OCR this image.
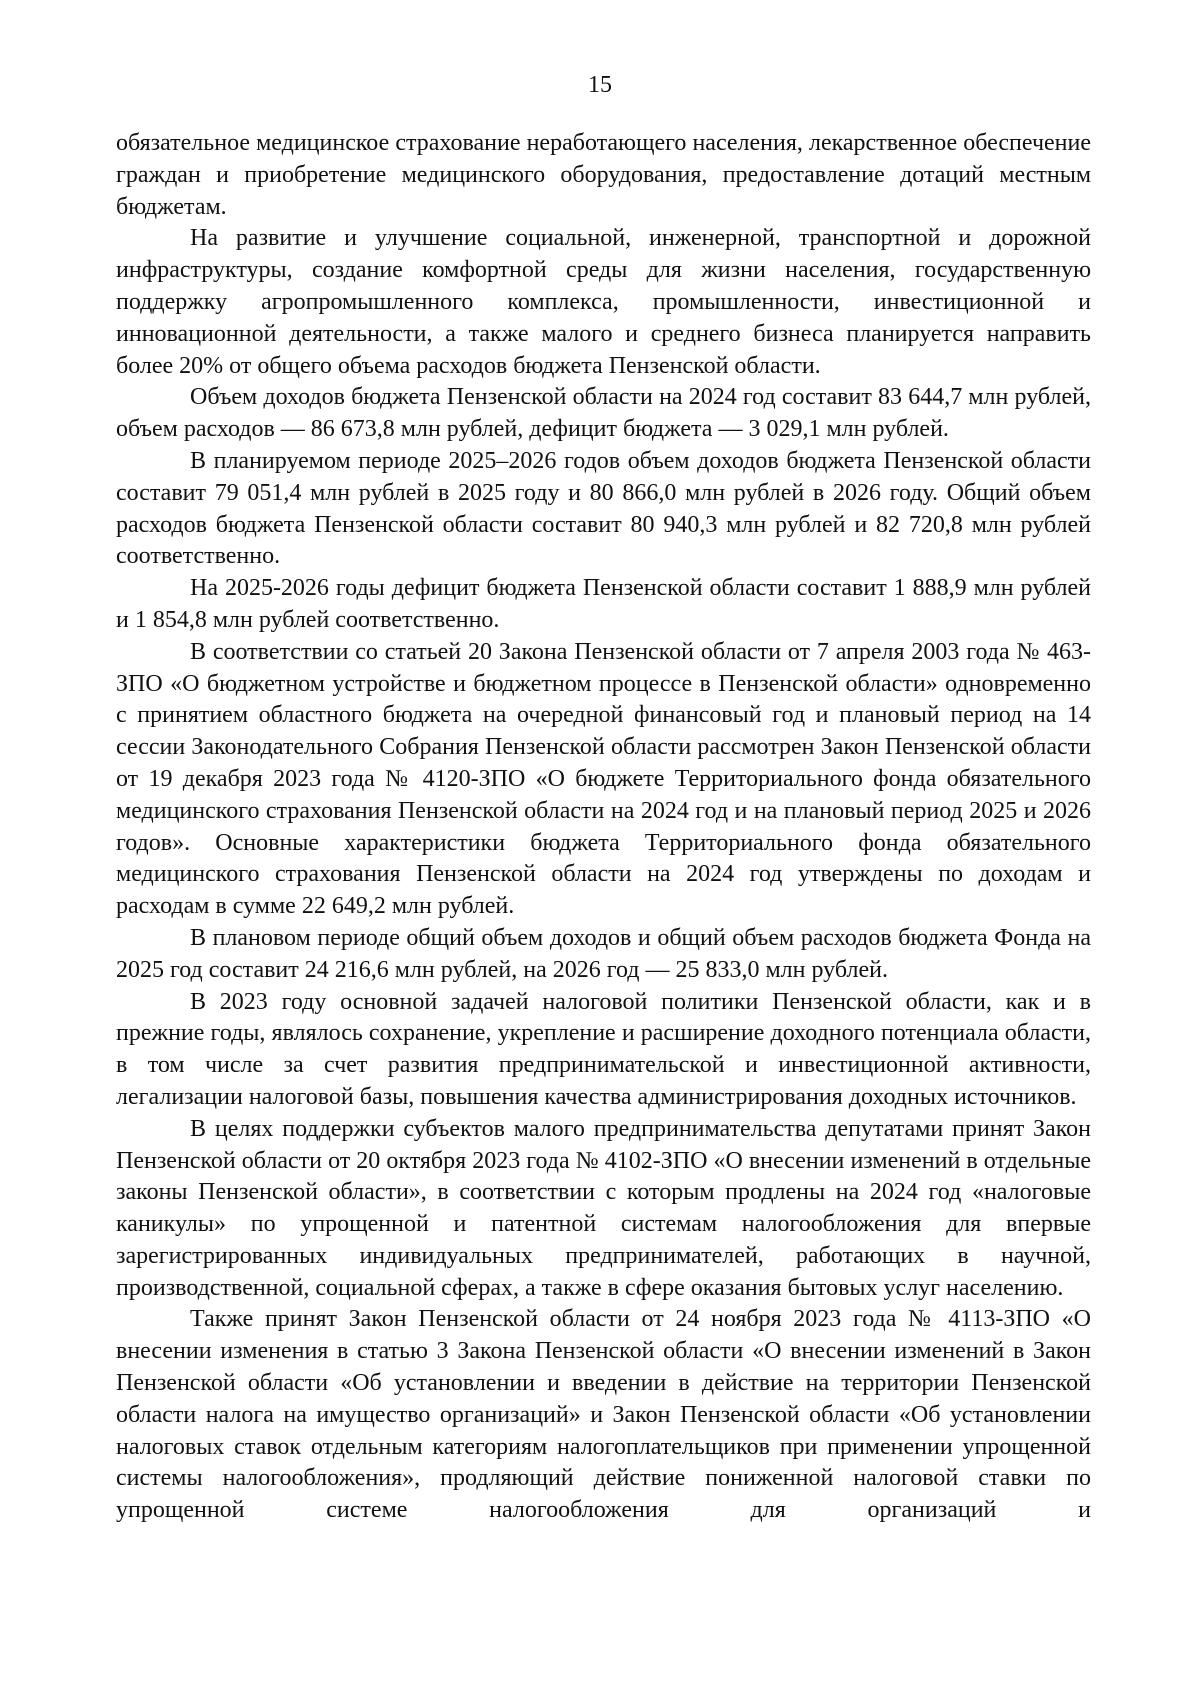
15

обязательное медицинское страхование неработающего населения, лекарственное обеспечение граждан и приобретение медицинского оборудования, предоставление дотаций местным бюджетам.

На развитие и улучшение социальной, инженерной, транспортной и дорожной инфраструктуры, создание комфортной среды для жизни населения, государственную поддержку агропромышленного комплекса, промышленности, инвестиционной и инновационной деятельности, а также малого и среднего бизнеса планируется направить более 20% от общего объема расходов бюджета Пензенской области.

Объем доходов бюджета Пензенской области на 2024 год составит 83 644,7 млн рублей, объем расходов — 86 673,8 млн рублей, дефицит бюджета — 3 029,1 млн рублей.

В планируемом периоде 2025–2026 годов объем доходов бюджета Пензенской области составит 79 051,4 млн рублей в 2025 году и 80 866,0 млн рублей в 2026 году. Общий объем расходов бюджета Пензенской области составит 80 940,3 млн рублей и 82 720,8 млн рублей соответственно.

На 2025-2026 годы дефицит бюджета Пензенской области составит 1 888,9 млн рублей и 1 854,8 млн рублей соответственно.

В соответствии со статьей 20 Закона Пензенской области от 7 апреля 2003 года № 463-ЗПО «О бюджетном устройстве и бюджетном процессе в Пензенской области» одновременно с принятием областного бюджета на очередной финансовый год и плановый период на 14 сессии Законодательного Собрания Пензенской области рассмотрен Закон Пензенской области от 19 декабря 2023 года № 4120-ЗПО «О бюджете Территориального фонда обязательного медицинского страхования Пензенской области на 2024 год и на плановый период 2025 и 2026 годов». Основные характеристики бюджета Территориального фонда обязательного медицинского страхования Пензенской области на 2024 год утверждены по доходам и расходам в сумме 22 649,2 млн рублей.

В плановом периоде общий объем доходов и общий объем расходов бюджета Фонда на 2025 год составит 24 216,6 млн рублей, на 2026 год — 25 833,0 млн рублей.

В 2023 году основной задачей налоговой политики Пензенской области, как и в прежние годы, являлось сохранение, укрепление и расширение доходного потенциала области, в том числе за счет развития предпринимательской и инвестиционной активности, легализации налоговой базы, повышения качества администрирования доходных источников.

В целях поддержки субъектов малого предпринимательства депутатами принят Закон Пензенской области от 20 октября 2023 года № 4102-ЗПО «О внесении изменений в отдельные законы Пензенской области», в соответствии с которым продлены на 2024 год «налоговые каникулы» по упрощенной и патентной системам налогообложения для впервые зарегистрированных индивидуальных предпринимателей, работающих в научной, производственной, социальной сферах, а также в сфере оказания бытовых услуг населению.

Также принят Закон Пензенской области от 24 ноября 2023 года № 4113-ЗПО «О внесении изменения в статью 3 Закона Пензенской области «О внесении изменений в Закон Пензенской области «Об установлении и введении в действие на территории Пензенской области налога на имущество организаций» и Закон Пензенской области «Об установлении налоговых ставок отдельным категориям налогоплательщиков при применении упрощенной системы налогообложения», продляющий действие пониженной налоговой ставки по упрощенной системе налогообложения для организаций и
